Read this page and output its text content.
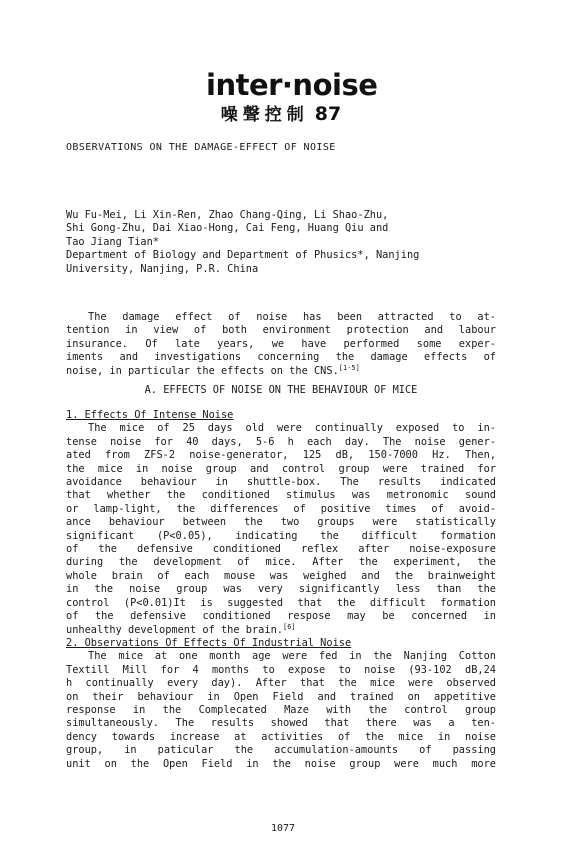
inter·noise
噪聲控制 87
OBSERVATIONS ON THE DAMAGE-EFFECT OF NOISE
Wu Fu-Mei, Li Xin-Ren, Zhao Chang-Qing, Li Shao-Zhu,
Shi Gong-Zhu, Dai Xiao-Hong, Cai Feng, Huang Qiu and
Tao Jiang Tian*
Department of Biology and Department of Phusics*, Nanjing
University, Nanjing, P.R. China
The damage effect of noise has been attracted to at-
tention in view of both environment protection and labour
insurance. Of late years, we have performed some exper-
iments and investigations concerning the damage effects of
noise, in particular the effects on the CNS.[1-5]
A. EFFECTS OF NOISE ON THE BEHAVIOUR OF MICE
1. Effects Of Intense Noise
The mice of 25 days old were continually exposed to in-
tense noise for 40 days, 5-6 h each day. The noise gener-
ated from ZFS-2 noise-generator, 125 dB, 150-7000 Hz. Then,
the mice in noise group and control group were trained for
avoidance behaviour in shuttle-box. The results indicated
that whether the conditioned stimulus was metronomic sound
or lamp-light, the differences of positive times of avoid-
ance behaviour between the two groups were statistically
significant (P<0.05), indicating the difficult formation
of the defensive conditioned reflex after noise-exposure
during the development of mice. After the experiment, the
whole brain of each mouse was weighed and the brainweight
in the noise group was very significantly less than the
control (P<0.01)It is suggested that the difficult formation
of the defensive conditioned respose may be concerned in
unhealthy development of the brain.[6]
2. Observations Of Effects Of Industrial Noise
The mice at one month age were fed in the Nanjing Cotton
Textill Mill for 4 months to expose to noise (93-102 dB,24
h continually every day). After that the mice were observed
on their behaviour in Open Field and trained on appetitive
response in the Complecated Maze with the control group
simultaneously. The results showed that there was a ten-
dency towards increase at activities of the mice in noise
group, in paticular the accumulation-amounts of passing
unit on the Open Field in the noise group were much more
1077
